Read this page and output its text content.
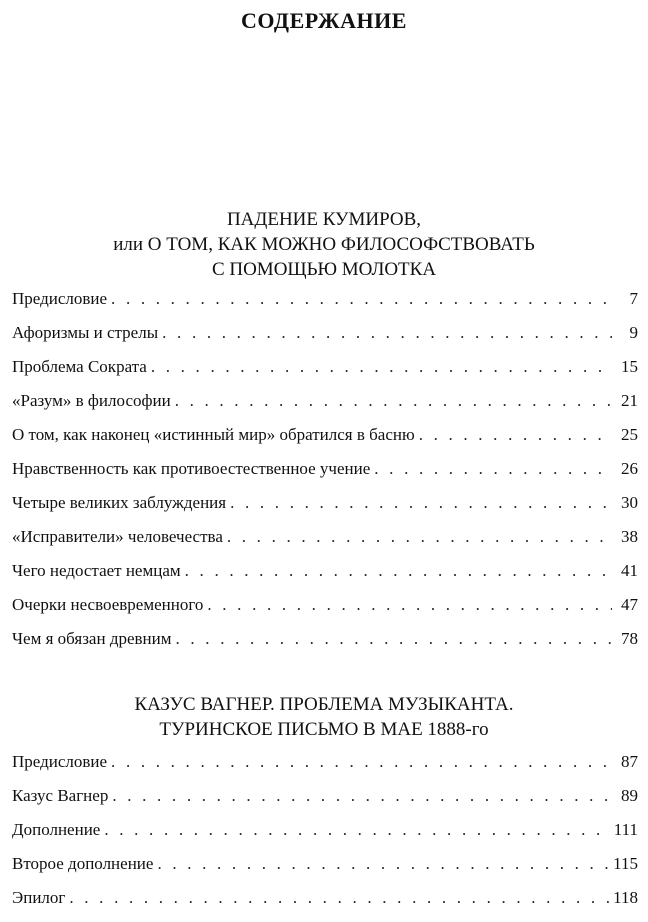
СОДЕРЖАНИЕ
ПАДЕНИЕ КУМИРОВ,
или О ТОМ, КАК МОЖНО ФИЛОСОФСТВОВАТЬ
С ПОМОЩЬЮ МОЛОТКА
Предисловие . . .	7
Афоризмы и стрелы . . .	9
Проблема Сократа . . .	15
«Разум» в философии . . .	21
О том, как наконец «истинный мир» обратился в басню . . .	25
Нравственность как противоестественное учение . . .	26
Четыре великих заблуждения . . .	30
«Исправители» человечества . . .	38
Чего недостает немцам . . .	41
Очерки несвоевременного . . .	47
Чем я обязан древним . . .	78
КАЗУС ВАГНЕР. ПРОБЛЕМА МУЗЫКАНТА.
ТУРИНСКОЕ ПИСЬМО В МАЕ 1888-го
Предисловие . . .	87
Казус Вагнер . . .	89
Дополнение . . .	111
Второе дополнение . . .	115
Эпилог . . .	118
